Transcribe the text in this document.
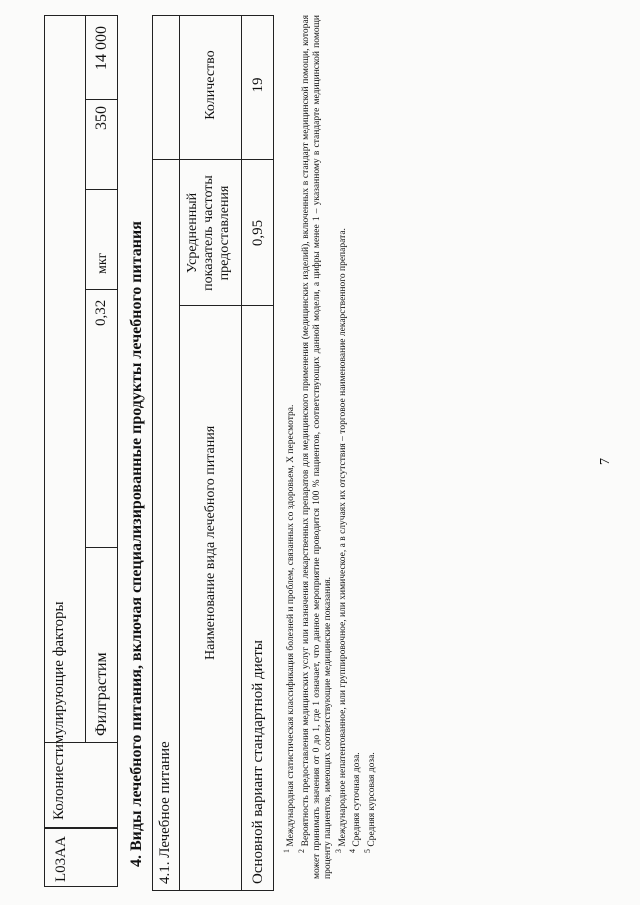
7
L03AA
Колониестимулирующие факторы Филграстим
0,32
мкг
350
14 000
4. Виды лечебного питания, включая специализированные продукты лечебного питания 4.1. Лечебное питание
Наименование вида лечебного питания
Усредненный показатель частоты предоставления
Количество
Основной вариант стандартной диеты
0,95
19
$^1$ Международная статистическая классификация болезней и проблем, связанных со здоровьем, X пересмотра.
$^2$ Вероятность предоставления медицинских услуг или назначения лекарственных препаратов для медицинского применения (медицинских изделий), включенных в стандарт медицинской помощи, которая может принимать значения от 0 до 1, где 1 означает, что данное мероприятие проводится 100 % пациентов, соответствующих данной модели, а цифры менее 1 – указанному в стандарте медицинской помощи проценту пациентов, имеющих соответствующие медицинские показания. $^3$ Международное непатентованное, или группировочное, или химическое, а в случаях их отсутствия – торговое наименование лекарственного препарата.
$^4$ Средняя суточная доза.
$^5$ Средняя курсовая доза.
